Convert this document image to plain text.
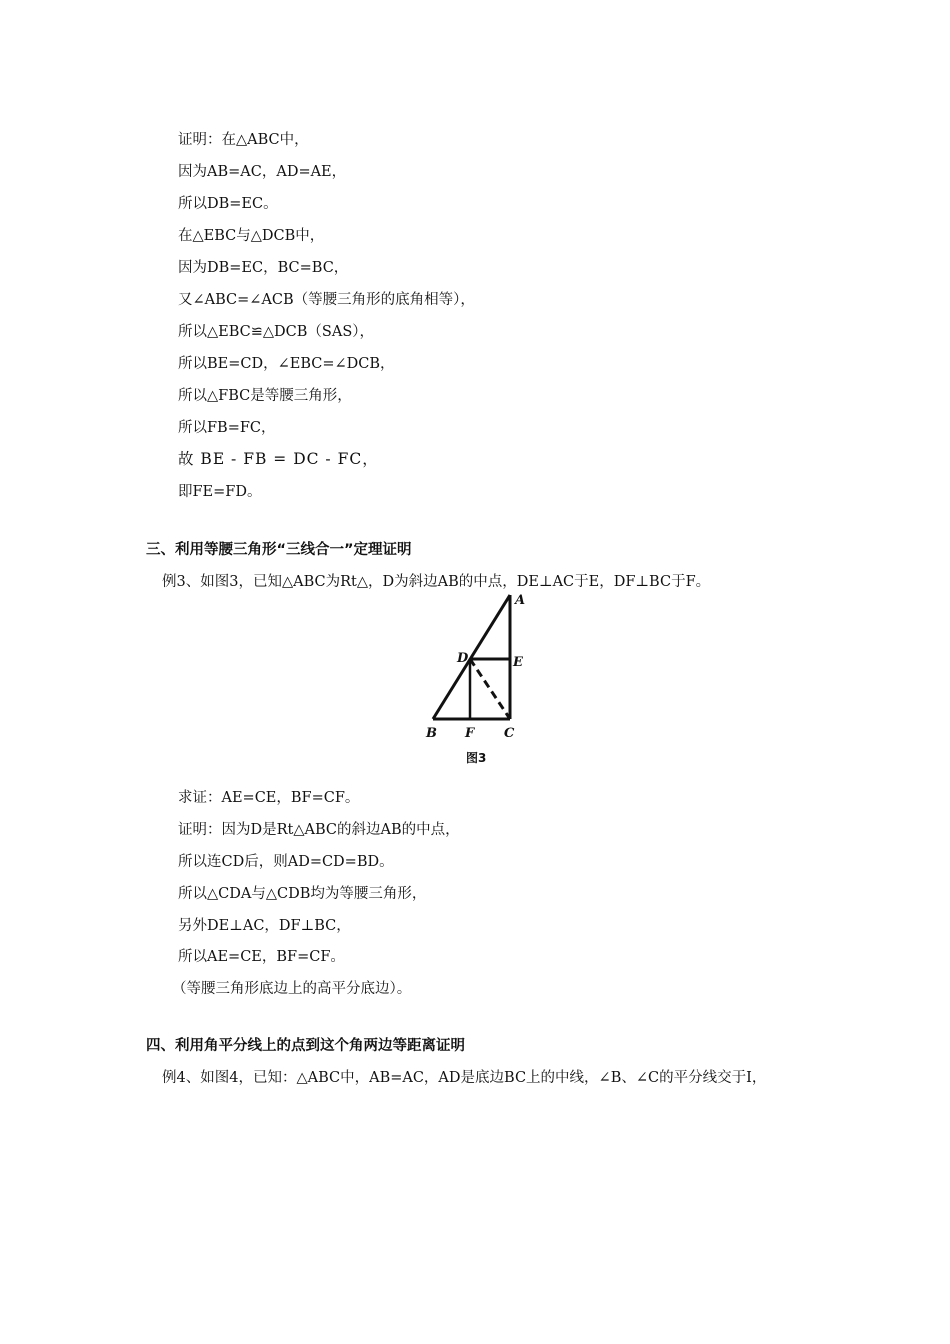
证明：在△ABC中，
因为AB=AC，AD=AE，
所以DB=EC。
在△EBC与△DCB中，
因为DB=EC，BC=BC，
又∠ABC=∠ACB（等腰三角形的底角相等），
所以△EBC≌△DCB（SAS），
所以BE=CD，∠EBC=∠DCB，
所以△FBC是等腰三角形，
所以FB=FC，
故 BE - FB = DC - FC，
即FE=FD。
三、利用等腰三角形“三线合一”定理证明
例3、如图3，已知△ABC为Rt△，D为斜边AB的中点，DE⊥AC于E，DF⊥BC于F。
A
D	E
B F C
图3
求证：AE=CE，BF=CF。
证明：因为D是Rt△ABC的斜边AB的中点，
所以连CD后，则AD=CD=BD。
所以△CDA与△CDB均为等腰三角形，
另外DE⊥AC，DF⊥BC，
所以AE=CE，BF=CF。
（等腰三角形底边上的高平分底边）。
四、利用角平分线上的点到这个角两边等距离证明
例4、如图4，已知：△ABC中，AB=AC，AD是底边BC上的中线，∠B、∠C的平分线交于I，
